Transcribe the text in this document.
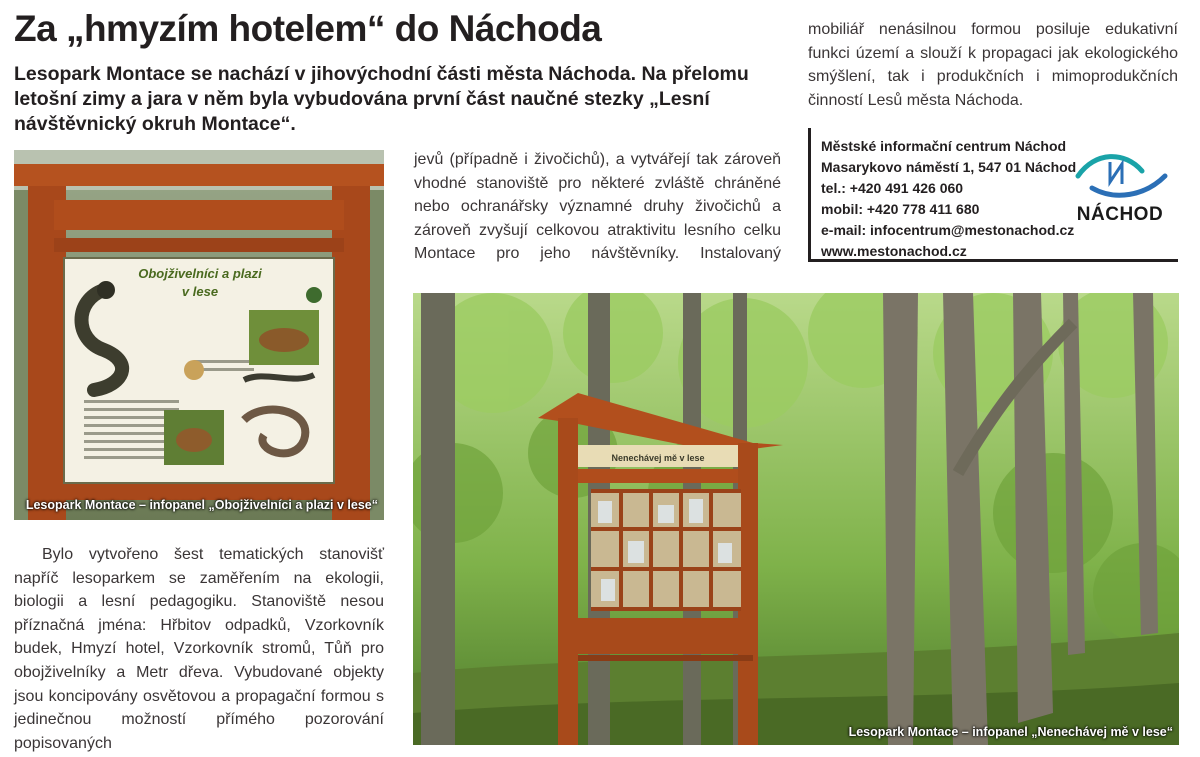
Za „hmyzím hotelem“ do Náchoda

Lesopark Montace se nachází v jihovýchodní části města Náchoda. Na přelomu letošní zimy a jara v něm byla vybudována první část naučné stezky „Lesní návštěvnický okruh Montace“.

Obojživelníci a plazi
v lese
Lesopark Montace – infopanel „Obojživelníci a plazi v lese“

jevů (případně i živočichů), a vytvářejí tak zároveň vhodné stanoviště pro některé zvláště chráněné nebo ochranářsky významné druhy živočichů a zároveň zvyšují celkovou atraktivitu lesního celku Montace pro jeho návštěvníky. Instalovaný

mobiliář nenásilnou formou posiluje edukativní funkci území a slouží k propagaci jak ekologického smýšlení, tak i produkčních i mimoprodukčních činností Lesů města Náchoda.

Městské informační centrum Náchod
Masarykovo náměstí 1, 547 01 Náchod
tel.: +420 491 426 060
mobil: +420 778 411 680
e-mail: infocentrum@mestonachod.cz
www.mestonachod.cz
NÁCHOD

Bylo vytvořeno šest tematických stanovišť napříč lesoparkem se zaměřením na ekologii, biologii a lesní pedagogiku. Stanoviště nesou příznačná jména: Hřbitov odpadků, Vzorkovník budek, Hmyzí hotel, Vzorkovník stromů, Tůň pro obojživelníky a Metr dřeva. Vybudované objekty jsou koncipovány osvětovou a propagační formou s jedinečnou možností přímého pozorování popisovaných

Nenechávej mě v lese
Lesopark Montace – infopanel „Nenechávej mě v lese“
